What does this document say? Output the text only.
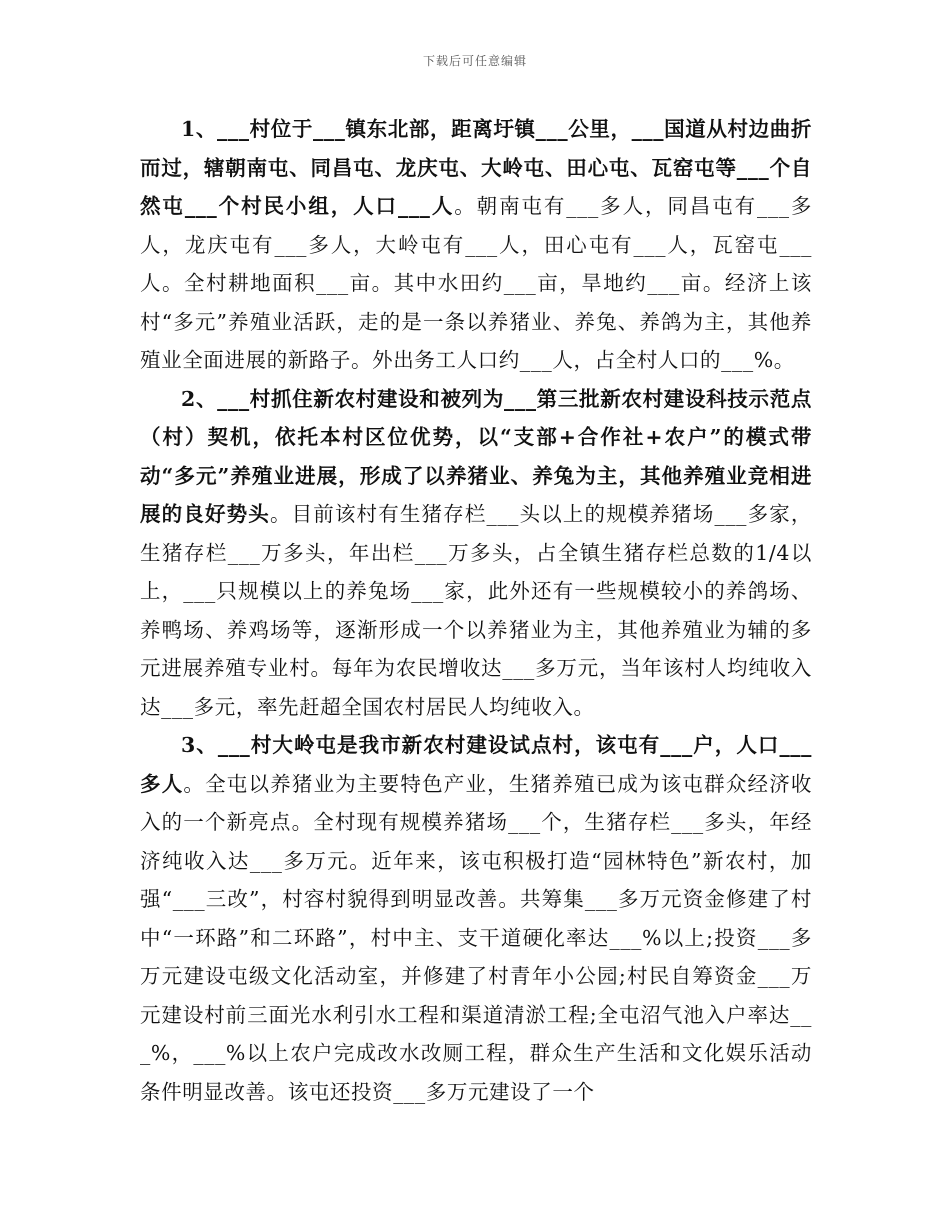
下载后可任意编辑

1、___村位于___镇东北部，距离圩镇___公里，___国道从村边曲折而过，辖朝南屯、同昌屯、龙庆屯、大岭屯、田心屯、瓦窑屯等___个自然屯___个村民小组，人口___人。朝南屯有___多人，同昌屯有___多人，龙庆屯有___多人，大岭屯有___人，田心屯有___人，瓦窑屯___人。全村耕地面积___亩。其中水田约___亩，旱地约___亩。经济上该村“多元”养殖业活跃，走的是一条以养猪业、养兔、养鸽为主，其他养殖业全面进展的新路子。外出务工人口约___人，占全村人口的___%。

2、___村抓住新农村建设和被列为___第三批新农村建设科技示范点（村）契机，依托本村区位优势，以“支部+合作社+农户”的模式带动“多元”养殖业进展，形成了以养猪业、养兔为主，其他养殖业竞相进展的良好势头。目前该村有生猪存栏___头以上的规模养猪场___多家，生猪存栏___万多头，年出栏___万多头，占全镇生猪存栏总数的1/4以上，___只规模以上的养兔场___家，此外还有一些规模较小的养鸽场、养鸭场、养鸡场等，逐渐形成一个以养猪业为主，其他养殖业为辅的多元进展养殖专业村。每年为农民增收达___多万元，当年该村人均纯收入达___多元，率先赶超全国农村居民人均纯收入。

3、___村大岭屯是我市新农村建设试点村，该屯有___户，人口___多人。全屯以养猪业为主要特色产业，生猪养殖已成为该屯群众经济收入的一个新亮点。全村现有规模养猪场___个，生猪存栏___多头，年经济纯收入达___多万元。近年来，该屯积极打造“园林特色”新农村，加强“___三改”，村容村貌得到明显改善。共筹集___多万元资金修建了村中“一环路”和二环路”，村中主、支干道硬化率达___%以上;投资___多万元建设屯级文化活动室，并修建了村青年小公园;村民自筹资金___万元建设村前三面光水利引水工程和渠道清淤工程;全屯沼气池入户率达___%，___%以上农户完成改水改厕工程，群众生产生活和文化娱乐活动条件明显改善。该屯还投资___多万元建设了一个
